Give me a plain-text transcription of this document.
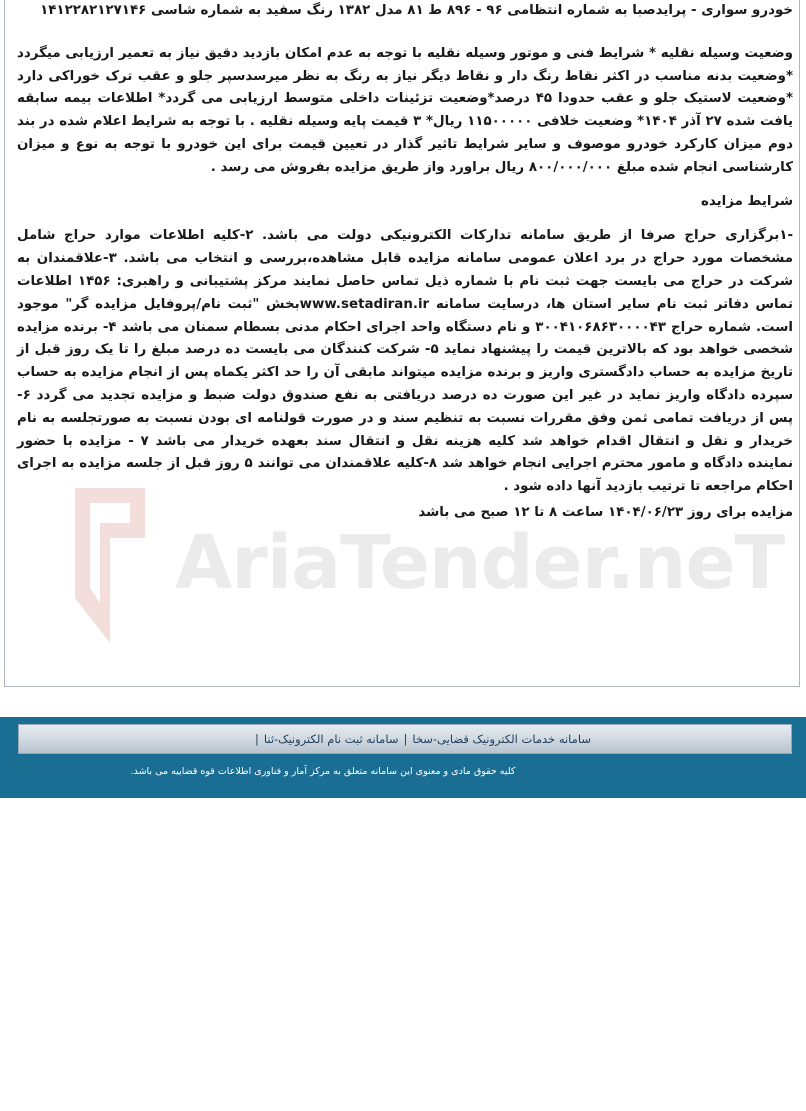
AriaTender.neT

خودرو سواری - پرایدصبا به شماره انتظامی ۹۶ - ۸۹۶ ط ۸۱ مدل ۱۳۸۲ رنگ سفید به شماره شاسی ۱۴۱۲۲۸۲۱۲۷۱۴۶

وضعیت وسیله نقلیه * شرایط فنی و موتور وسیله نقلیه با توجه به عدم امکان بازدید دقیق نیاز به تعمیر ارزیابی میگردد *وضعیت بدنه مناسب در اکثر نقاط رنگ دار و نقاط دیگر نیاز به رنگ به نظر میرسدسپر جلو و عقب ترک خوراکی دارد *وضعیت لاستیک جلو و عقب حدودا ۴۵ درصد*وضعیت تزئینات داخلی متوسط ارزیابی می گردد* اطلاعات بیمه سابقه یافت شده ۲۷ آذر ۱۴۰۴* وضعیت خلافی ۱۱۵۰۰۰۰۰ ریال* ۳ قیمت پایه وسیله نقلیه . با توجه به شرایط اعلام شده در بند دوم میزان کارکرد خودرو موصوف و سایر شرایط تاثیر گذار در تعیین قیمت برای این خودرو با توجه به نوع و میزان کارشناسی انجام شده مبلغ ۸۰۰/۰۰۰/۰۰۰ ریال براورد واز طریق مزایده بفروش می رسد .

شرایط مزایده

-۱برگزاری حراج صرفا از طریق سامانه تدارکات الکترونیکی دولت می باشد. ۲-کلیه اطلاعات موارد حراج شامل مشخصات مورد حراج در برد اعلان عمومی سامانه مزایده قابل مشاهده،بررسی و انتخاب می باشد. ۳-علاقمندان به شرکت در حراج می بایست جهت ثبت نام با شماره ذیل تماس حاصل نمایند مرکز پشتیبانی و راهبری: ۱۴۵۶ اطلاعات تماس دفاتر ثبت نام سایر استان ها، درسایت سامانه www.setadiran.irبخش "ثبت نام/پروفایل مزایده گر" موجود است. شماره حراج ۳۰۰۴۱۰۶۸۶۳۰۰۰۰۴۳ و نام دستگاه واحد اجرای احکام مدنی بسطام سمنان می باشد ۴- برنده مزایده شخصی خواهد بود که بالاترین قیمت را پیشنهاد نماید ۵- شرکت کنندگان می بایست ده درصد مبلغ را تا یک روز قبل از تاریخ مزایده به حساب دادگستری واریز و برنده مزایده میتواند مابقی آن را حد اکثر یکماه پس از انجام مزایده به حساب سپرده دادگاه واریز نماید در غیر این صورت ده درصد دریافتی به نفع صندوق دولت ضبط و مزایده تجدید می گردد ۶- پس از دریافت تمامی ثمن وفق مقررات نسبت به تنظیم سند و در صورت قولنامه ای بودن نسبت به صورتجلسه به نام خریدار و نقل و انتقال اقدام خواهد شد کلیه هزینه نقل و انتقال سند بعهده خریدار می باشد ۷ - مزایده با حضور نماینده دادگاه و مامور محترم اجرایی انجام خواهد شد ۸-کلیه علاقمندان می توانند ۵ روز قبل از جلسه مزایده به اجرای احکام مراجعه تا ترتیب بازدید آنها داده شود .

مزایده برای روز ۱۴۰۴/۰۶/۲۳ ساعت ۸ تا ۱۲ صبح می باشد

سامانه خدمات الکترونیک قضایی-سخا|سامانه ثبت نام الکترونیک-ثنا|
کلیه حقوق مادی و معنوی این سامانه متعلق به مرکز آمار و فناوری اطلاعات قوه قضاییه می باشد.
